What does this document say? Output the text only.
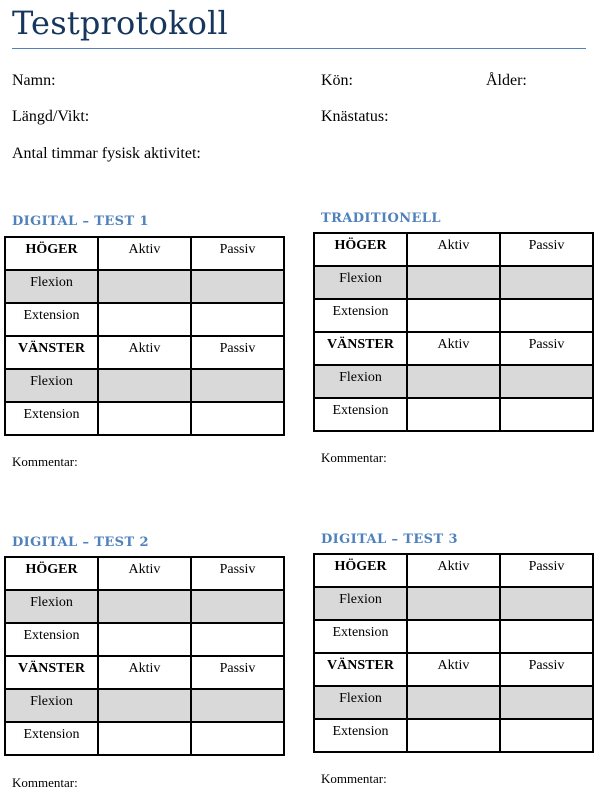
Testprotokoll
Namn:	Kön:	Ålder:
Längd/Vikt:	Knästatus:
Antal timmar fysisk aktivitet:
DIGITAL – TEST 1
HÖGER	Aktiv	Passiv
Flexion		
Extension		
VÄNSTER	Aktiv	Passiv
Flexion		
Extension		
Kommentar:
TRADITIONELL
HÖGER	Aktiv	Passiv
Flexion		
Extension		
VÄNSTER	Aktiv	Passiv
Flexion		
Extension		
Kommentar:
DIGITAL – TEST 2
HÖGER	Aktiv	Passiv
Flexion		
Extension		
VÄNSTER	Aktiv	Passiv
Flexion		
Extension		
Kommentar:
DIGITAL – TEST 3
HÖGER	Aktiv	Passiv
Flexion		
Extension		
VÄNSTER	Aktiv	Passiv
Flexion		
Extension		
Kommentar:
